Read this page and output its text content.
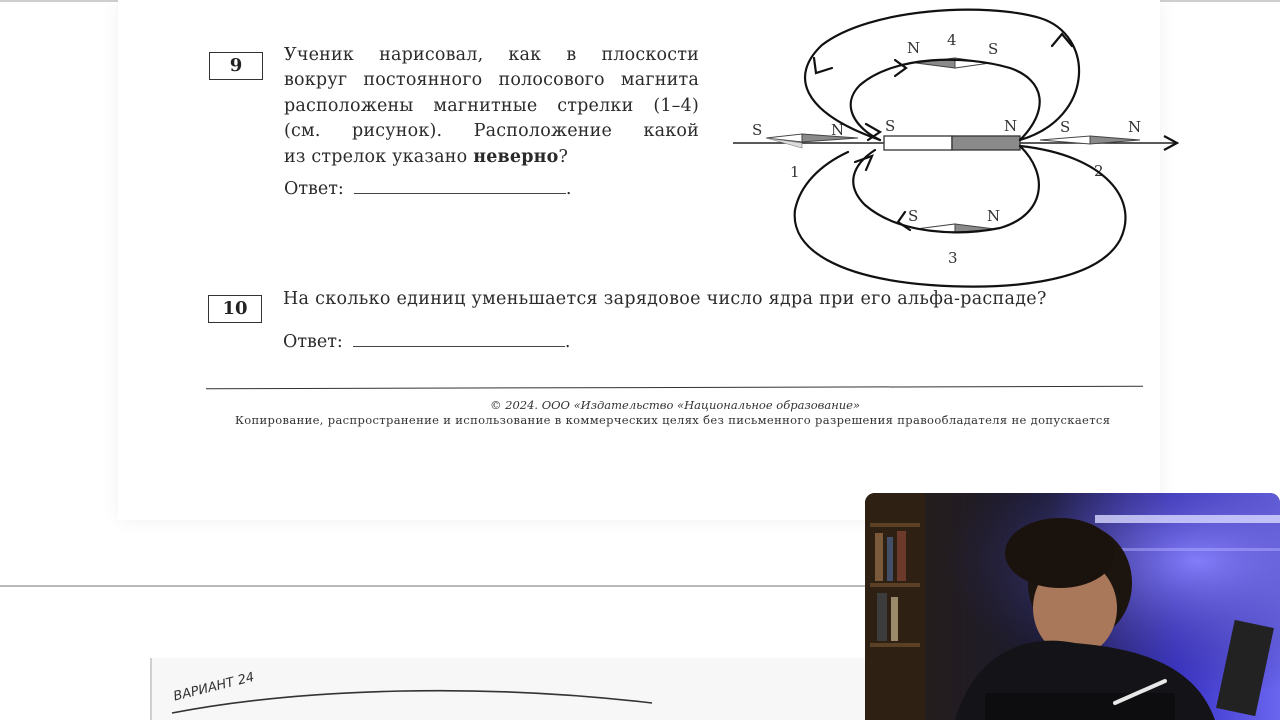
9	Ученик нарисовал, как в плоскости
вокруг постоянного полосового магнита
расположены магнитные стрелки (1–4)
(см. рисунок). Расположение какой
из стрелок указано неверно?
Ответ:	.
S	N
S	N
1
S	N
2
S	N
3
N 4 S
10	На сколько единиц уменьшается зарядовое число ядра при его альфа-распаде?
Ответ:	.
© 2024. ООО «Издательство «Национальное образование»
Копирование, распространение и использование в коммерческих целях без письменного разрешения правообладателя не допускается
ВАРИАНТ 24
